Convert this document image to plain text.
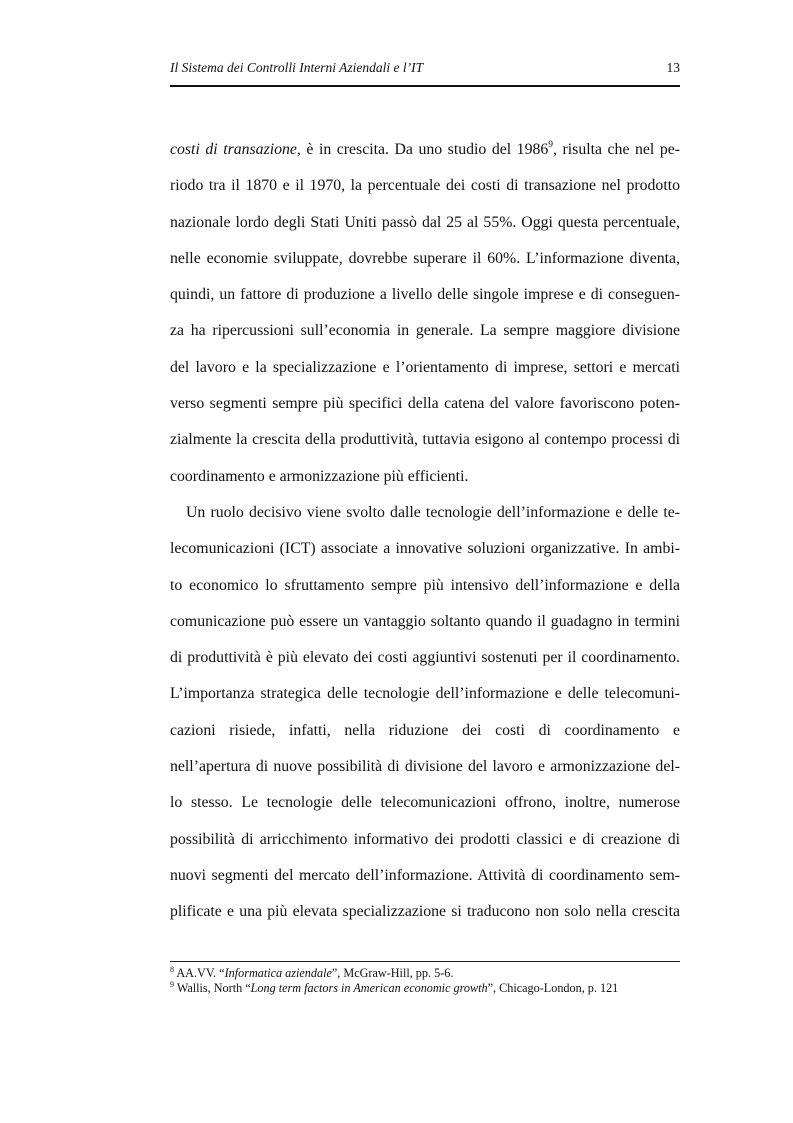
Il Sistema dei Controlli Interni Aziendali e l’IT	13
costi di transazione, è in crescita. Da uno studio del 1986$^9$, risulta che nel pe-
riodo tra il 1870 e il 1970, la percentuale dei costi di transazione nel prodotto
nazionale lordo degli Stati Uniti passò dal 25 al 55%. Oggi questa percentuale,
nelle economie sviluppate, dovrebbe superare il 60%. L’informazione diventa,
quindi, un fattore di produzione a livello delle singole imprese e di conseguen-
za ha ripercussioni sull’economia in generale. La sempre maggiore divisione
del lavoro e la specializzazione e l’orientamento di imprese, settori e mercati
verso segmenti sempre più specifici della catena del valore favoriscono poten-
zialmente la crescita della produttività, tuttavia esigono al contempo processi di
coordinamento e armonizzazione più efficienti.
Un ruolo decisivo viene svolto dalle tecnologie dell’informazione e delle te-
lecomunicazioni (ICT) associate a innovative soluzioni organizzative. In ambi-
to economico lo sfruttamento sempre più intensivo dell’informazione e della
comunicazione può essere un vantaggio soltanto quando il guadagno in termini
di produttività è più elevato dei costi aggiuntivi sostenuti per il coordinamento.
L’importanza strategica delle tecnologie dell’informazione e delle telecomuni-
cazioni risiede, infatti, nella riduzione dei costi di coordinamento e
nell’apertura di nuove possibilità di divisione del lavoro e armonizzazione del-
lo stesso. Le tecnologie delle telecomunicazioni offrono, inoltre, numerose
possibilità di arricchimento informativo dei prodotti classici e di creazione di
nuovi segmenti del mercato dell’informazione. Attività di coordinamento sem-
plificate e una più elevata specializzazione si traducono non solo nella crescita
$^8$ AA.VV. “Informatica aziendale”, McGraw-Hill, pp. 5-6.
$^9$ Wallis, North “Long term factors in American economic growth”, Chicago-London, p. 121
